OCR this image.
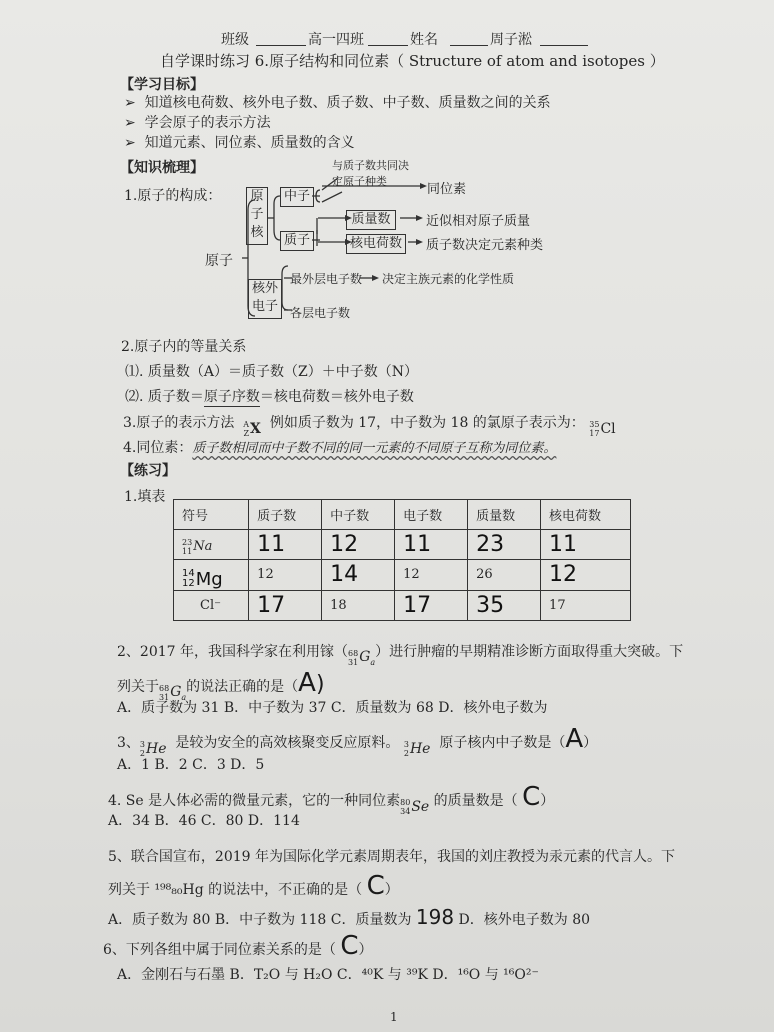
班级	高一四班	姓名	周子淞
自学课时练习 6.原子结构和同位素（ Structure of atom and isotopes ）
【学习目标】
➢  知道核电荷数、核外电子数、质子数、中子数、质量数之间的关系
➢  学会原子的表示方法
➢  知道元素、同位素、质量数的含义
【知识梳理】
1.原子的构成：
原子
原子核
中子
质子
核外电子
与质子数共同决定原子种类
同位素
质量数	近似相对原子质量
核电荷数	质子数决定元素种类
最外层电子数 决定主族元素的化学性质
各层电子数
2.原子内的等量关系
⑴. 质量数（A）＝质子数（Z）＋中子数（N）
⑵. 质子数＝原子序数＝核电荷数＝核外电子数
3.原子的表示方法 A
Z X 例如质子数为 17，中子数为 18 的氯原子表示为： 35
17 Cl
4.同位素：质子数相同而中子数不同的同一元素的不同原子互称为同位素。
【练习】
1.填表
符号	质子数	中子数	电子数	质量数	核电荷数

23
11 Na	11	12	11	23	11

14
12 Mg	12	14	12	26	12
Cl⁻	17	18	17	35	17
2、2017 年，我国科学家在利用镓（ 68
31 $G_a$
）进行肿瘤的早期精准诊断方面取得重大突破。下
列关于 68
31 $G_a$
的说法正确的是（A)
A．质子数为 31 B．中子数为 37 C．质量数为 68 D．核外电子数为
3、 3
2 He 是较为安全的高效核聚变反应原料。 3
2 He 原子核内中子数是（A）
A．1 B．2 C．3 D．5
4. Se 是人体必需的微量元素，它的一种同位素 80
34 Se 的质量数是（ C）
A．34 B．46 C．80 D．114
5、联合国宣布，2019 年为国际化学元素周期表年，我国的刘庄教授为汞元素的代言人。下
列关于 ¹⁹⁸₈₀Hg 的说法中，不正确的是（ C）
A．质子数为 80 B．中子数为 118 C．质量数为 198 D．核外电子数为 80
6、下列各组中属于同位素关系的是（ C）
A．金刚石与石墨 B．T₂O 与 H₂O C．⁴⁰K 与 ³⁹K D．¹⁶O 与 ¹⁶O²⁻
1
